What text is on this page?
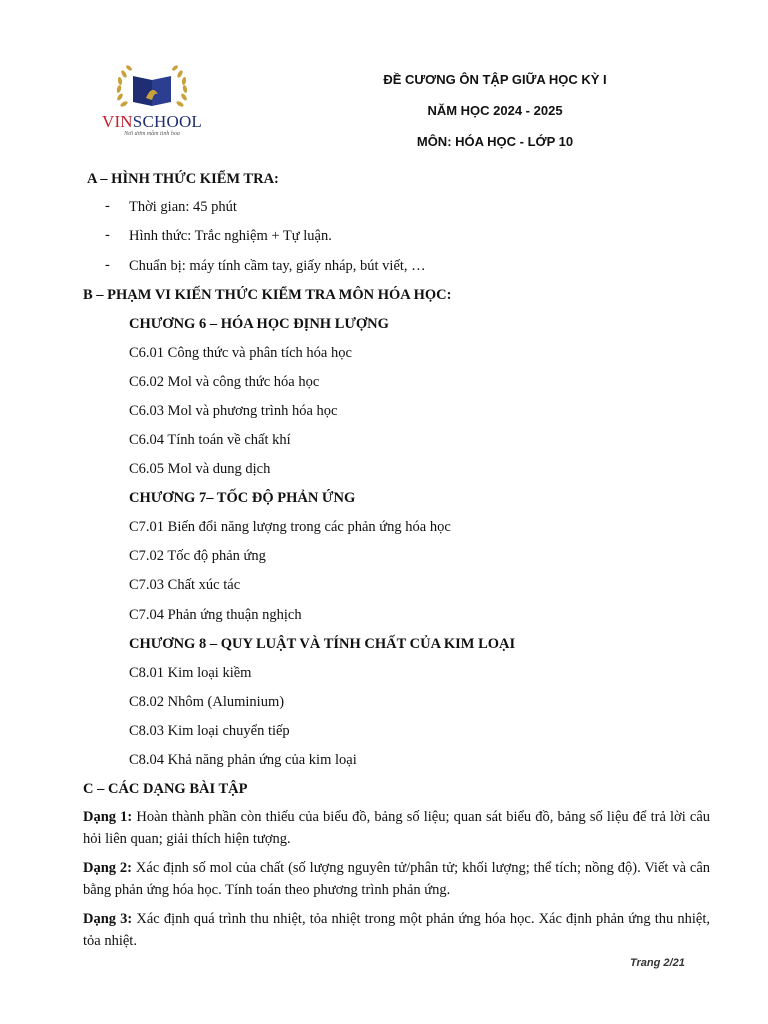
VINSCHOOL
Nơi ươm mầm tinh hoa
ĐỀ CƯƠNG ÔN TẬP GIỮA HỌC KỲ I
NĂM HỌC 2024 - 2025
MÔN: HÓA HỌC - LỚP 10
A – HÌNH THỨC KIỂM TRA:
- Thời gian: 45 phút
- Hình thức: Trắc nghiệm + Tự luận.
- Chuẩn bị: máy tính cầm tay, giấy nháp, bút viết, …
B – PHẠM VI KIẾN THỨC KIỂM TRA MÔN HÓA HỌC:
CHƯƠNG 6 – HÓA HỌC ĐỊNH LƯỢNG
C6.01 Công thức và phân tích hóa học
C6.02 Mol và công thức hóa học
C6.03 Mol và phương trình hóa học
C6.04 Tính toán về chất khí
C6.05 Mol và dung dịch
CHƯƠNG 7– TỐC ĐỘ PHẢN ỨNG
C7.01 Biến đổi năng lượng trong các phản ứng hóa học
C7.02 Tốc độ phản ứng
C7.03 Chất xúc tác
C7.04 Phản ứng thuận nghịch
CHƯƠNG 8 – QUY LUẬT VÀ TÍNH CHẤT CỦA KIM LOẠI
C8.01 Kim loại kiềm
C8.02 Nhôm (Aluminium)
C8.03 Kim loại chuyển tiếp
C8.04 Khả năng phản ứng của kim loại
C – CÁC DẠNG BÀI TẬP
Dạng 1: Hoàn thành phần còn thiếu của biểu đồ, bảng số liệu; quan sát biểu đồ, bảng số liệu để trả lời câu hỏi liên quan; giải thích hiện tượng.
Dạng 2: Xác định số mol của chất (số lượng nguyên tử/phân tử; khối lượng; thể tích; nồng độ). Viết và cân bằng phản ứng hóa học. Tính toán theo phương trình phản ứng.
Dạng 3: Xác định quá trình thu nhiệt, tỏa nhiệt trong một phản ứng hóa học. Xác định phản ứng thu nhiệt, tỏa nhiệt.
Trang 2/21
